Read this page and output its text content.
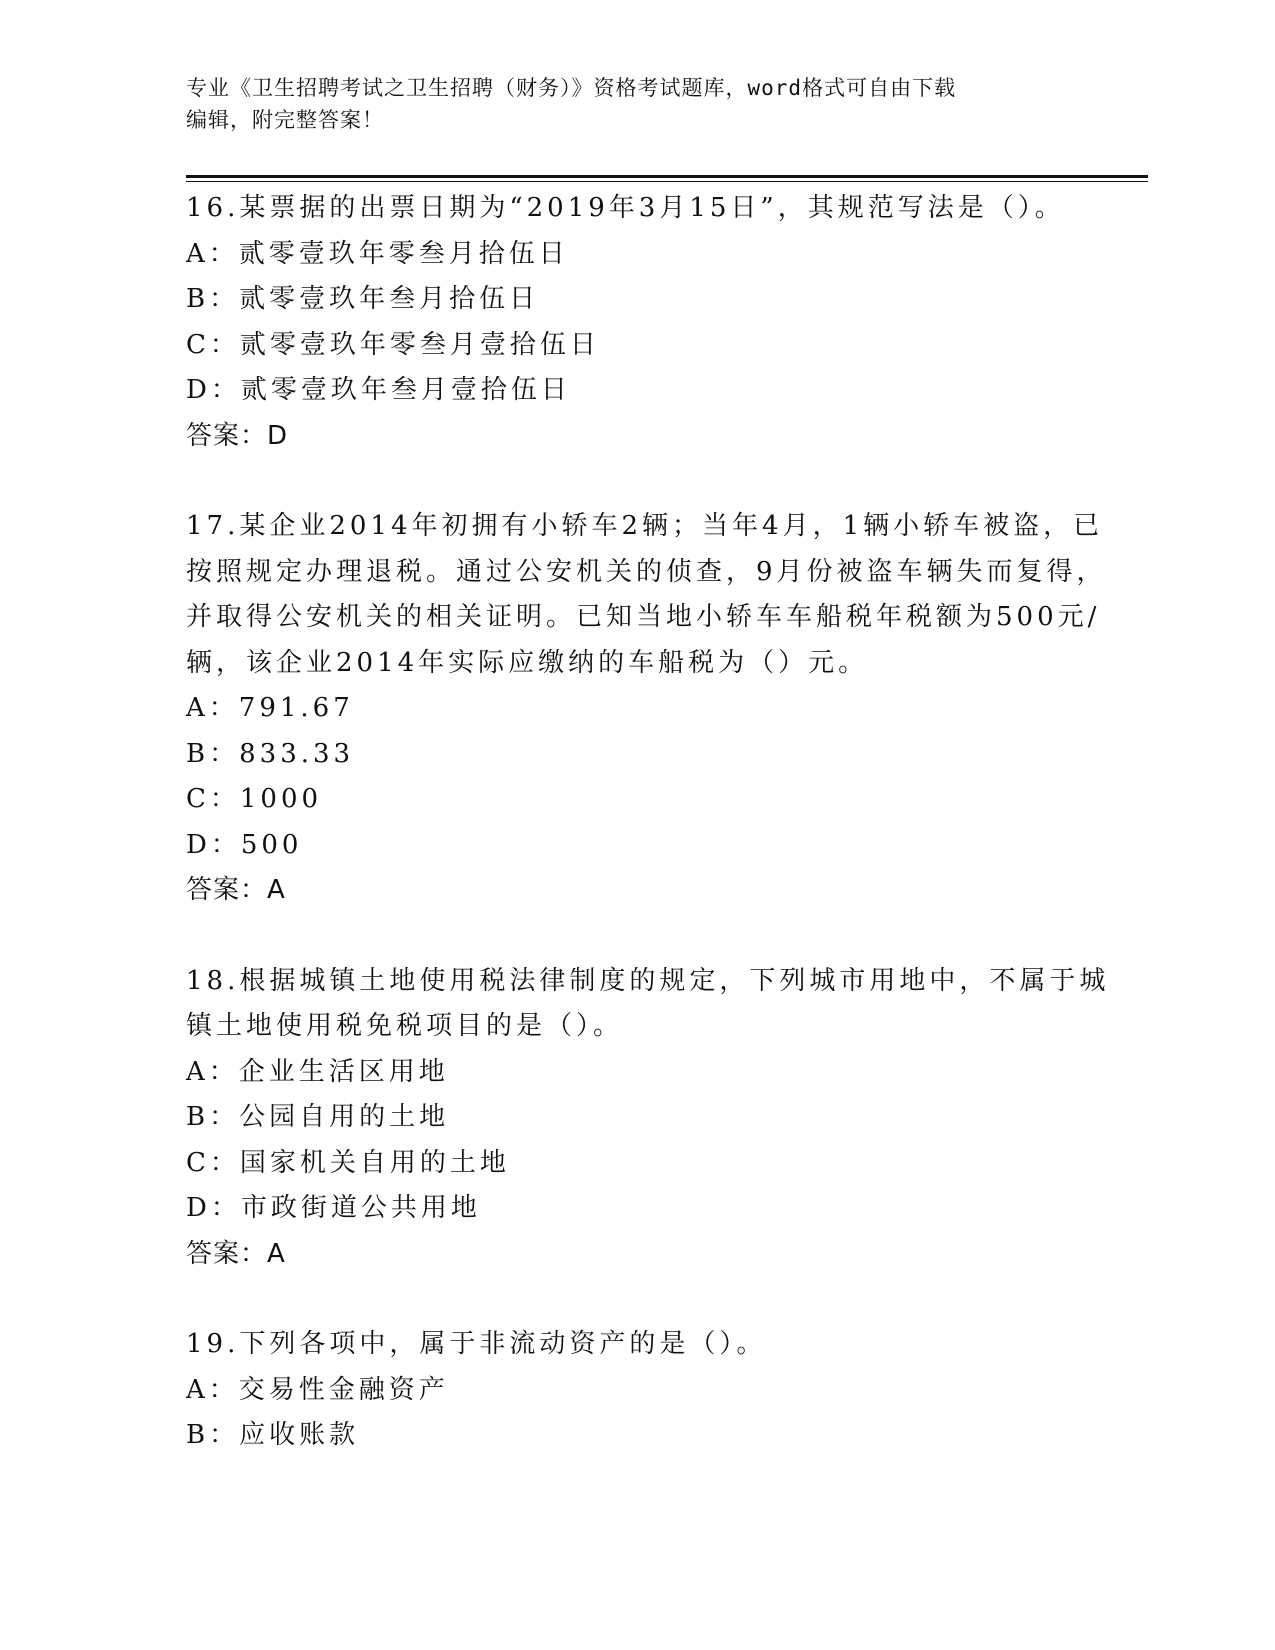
专业《卫生招聘考试之卫生招聘（财务）》资格考试题库，word格式可自由下载
编辑，附完整答案！
16.某票据的出票日期为“2019年3月15日”，其规范写法是（）。
A：贰零壹玖年零叁月拾伍日
B：贰零壹玖年叁月拾伍日
C：贰零壹玖年零叁月壹拾伍日
D：贰零壹玖年叁月壹拾伍日
答案：D
17.某企业2014年初拥有小轿车2辆；当年4月，1辆小轿车被盗，已
按照规定办理退税。通过公安机关的侦查，9月份被盗车辆失而复得，
并取得公安机关的相关证明。已知当地小轿车车船税年税额为500元/
辆，该企业2014年实际应缴纳的车船税为（）元。
A：791.67
B：833.33
C：1000
D：500
答案：A
18.根据城镇土地使用税法律制度的规定，下列城市用地中，不属于城
镇土地使用税免税项目的是（）。
A：企业生活区用地
B：公园自用的土地
C：国家机关自用的土地
D：市政街道公共用地
答案：A
19.下列各项中，属于非流动资产的是（）。
A：交易性金融资产
B：应收账款
